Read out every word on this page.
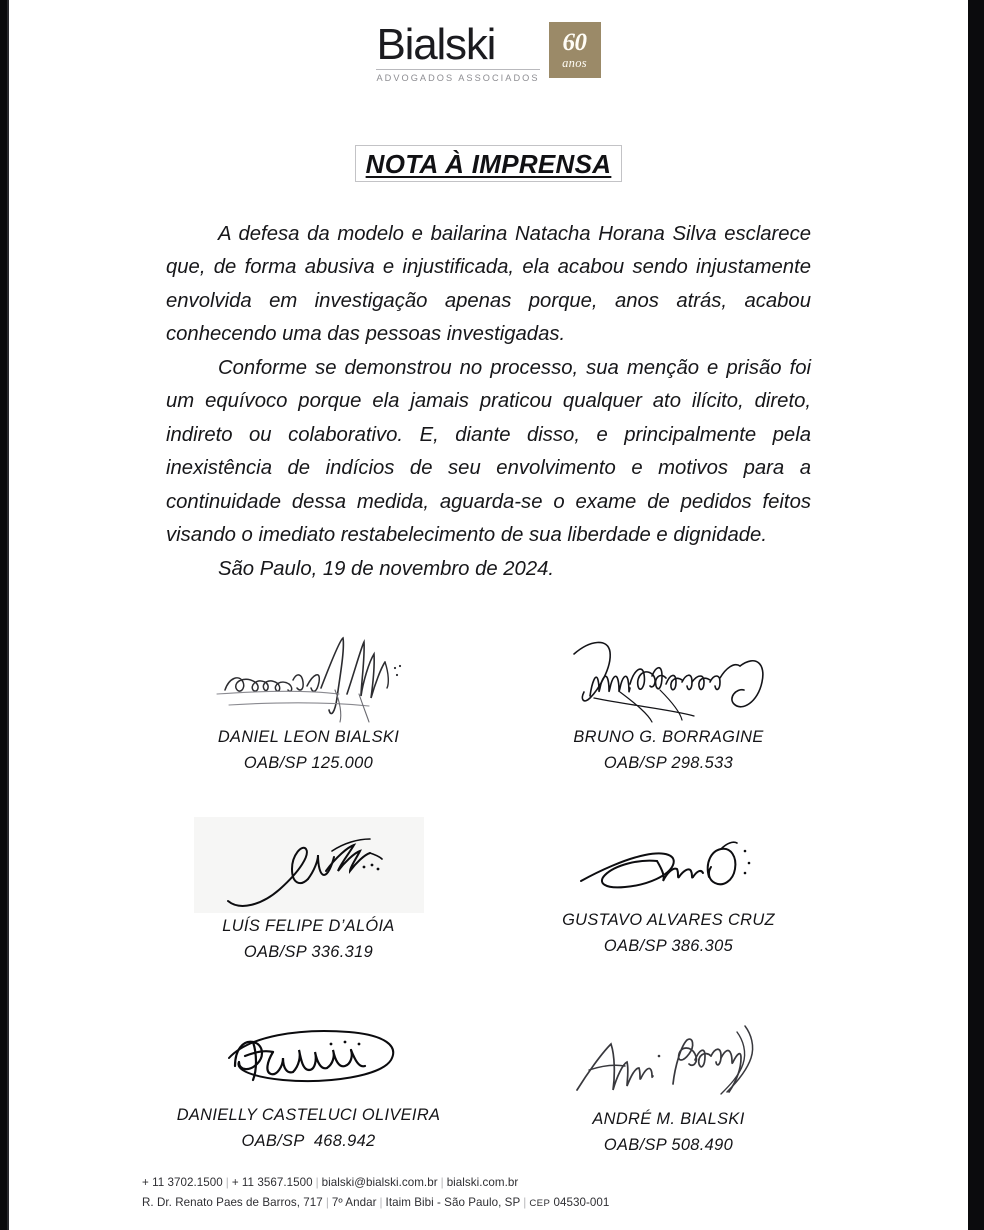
Bialski
ADVOGADOS ASSOCIADOS
60
anos
NOTA À IMPRENSA

A defesa da modelo e bailarina Natacha Horana Silva esclarece que, de forma abusiva e injustificada, ela acabou sendo injustamente envolvida em investigação apenas porque, anos atrás, acabou conhecendo uma das pessoas investigadas.

Conforme se demonstrou no processo, sua menção e prisão foi um equívoco porque ela jamais praticou qualquer ato ilícito, direto, indireto ou colaborativo. E, diante disso, e principalmente pela inexistência de indícios de seu envolvimento e motivos para a continuidade dessa medida, aguarda-se o exame de pedidos feitos visando o imediato restabelecimento de sua liberdade e dignidade.

São Paulo, 19 de novembro de 2024.

DANIEL LEON BIALSKI
OAB/SP 125.000
BRUNO G. BORRAGINE
OAB/SP 298.533
LUÍS FELIPE D’ALÓIA
OAB/SP 336.319
GUSTAVO ALVARES CRUZ
OAB/SP 386.305
DANIELLY CASTELUCI OLIVEIRA
OAB/SP  468.942
ANDRÉ M. BIALSKI
OAB/SP 508.490
+ 11 3702.1500 | + 11 3567.1500 | bialski@bialski.com.br | bialski.com.br
R. Dr. Renato Paes de Barros, 717 | 7º Andar | Itaim Bibi - São Paulo, SP | CEP 04530-001
